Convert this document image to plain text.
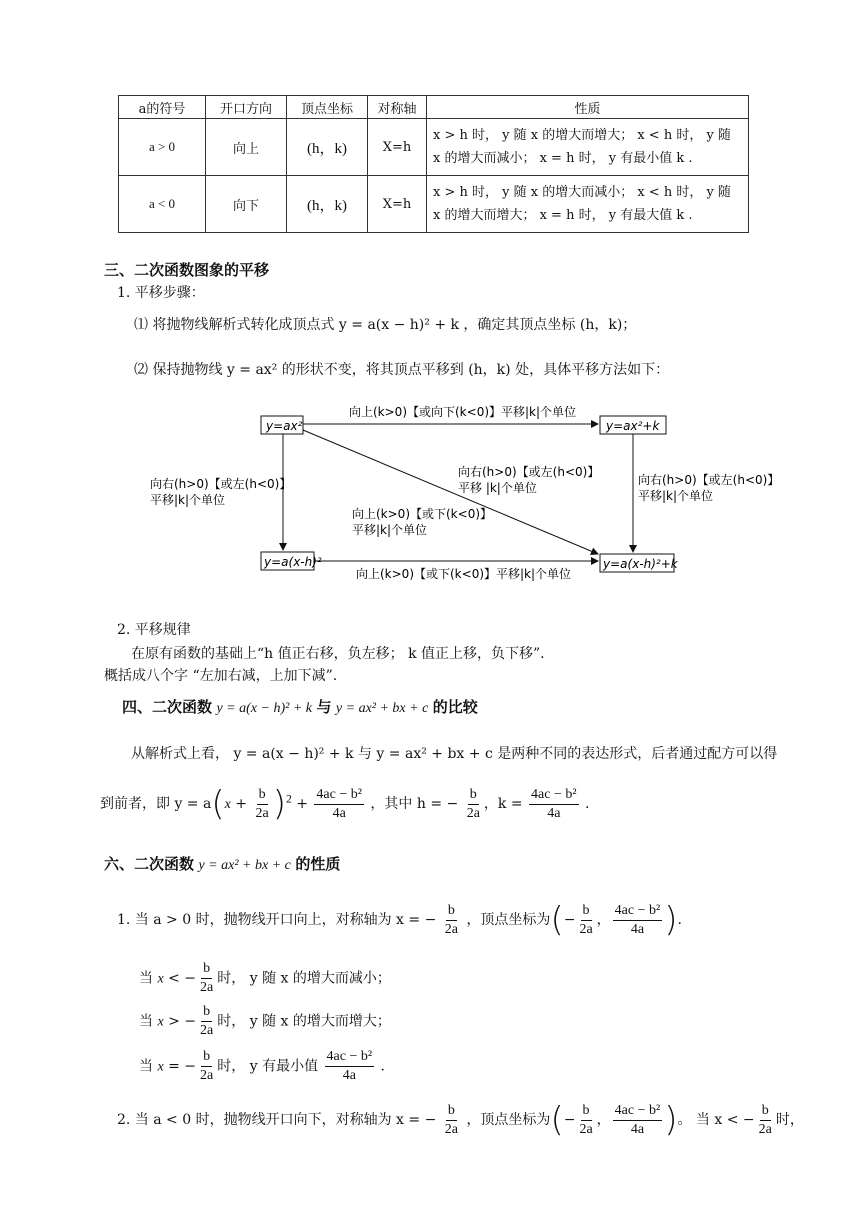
a的符号	开口方向	顶点坐标	对称轴	性质
a > 0	向上	(h，k)	X=h	x > h 时， y 随 x 的增大而增大； x < h 时， y 随
x 的增大而减小； x = h 时， y 有最小值 k .

a < 0	向下	(h，k)	X=h	x > h 时， y 随 x 的增大而减小； x < h 时， y 随
x 的增大而增大； x = h 时， y 有最大值 k .
三、二次函数图象的平移
1. 平移步骤：
⑴ 将抛物线解析式转化成顶点式 y = a(x − h)² + k ，确定其顶点坐标 (h，k)；
⑵ 保持抛物线 y = ax² 的形状不变，将其顶点平移到 (h，k) 处，具体平移方法如下：
y=ax²	y=ax²+k
y=a(x-h)²	y=a(x-h)²+k
向上(k>0)【或向下(k<0)】平移|k|个单位
向上(k>0)【或下(k<0)】平移|k|个单位
向右(h>0)【或左(h<0)】
平移|k|个单位
向右(h>0)【或左(h<0)】
平移|k|个单位
向右(h>0)【或左(h<0)】
平移 |k|个单位
向上(k>0)【或下(k<0)】
平移|k|个单位
2. 平移规律
在原有函数的基础上“h 值正右移，负左移； k 值正上移，负下移”.
概括成八个字 “左加右减，上加下减”.
四、二次函数 y = a(x − h)² + k 与 y = ax² + bx + c 的比较
从解析式上看， y = a(x − h)² + k 与 y = ax² + bx + c 是两种不同的表达形式，后者通过配方可以得
到前者，即 $y = a(x + \frac{b}{2a} )^2 + \frac{\text{4ac − b²}}{4a}$ ，其中 h = − $\frac{b}{2a}$ ，$k = \frac{\text{4ac − b²}}{4a}$ .
六、二次函数 y = ax² + bx + c 的性质
1. 当 a > 0 时，抛物线开口向上，对称轴为 x = − $\frac{b}{2a}$ ，顶点坐标为(− $\frac{b}{2a}$ ， $\frac{\text{4ac − b²}}{4a}$ ).
当 x < − $\frac{b}{2a}$ 时， y 随 x 的增大而减小；
当 x > − $\frac{b}{2a}$ 时， y 随 x 的增大而增大；
当 x = − $\frac{b}{2a}$ 时， y 有最小值 $\frac{\text{4ac − b²}}{4a}$ .
2. 当 a < 0 时，抛物线开口向下，对称轴为 x = − $\frac{b}{2a}$ ，顶点坐标为(− $\frac{b}{2a}$ ， $\frac{\text{4ac − b²}}{4a}$ )。 当 x < − $\frac{b}{2a}$ 时，
